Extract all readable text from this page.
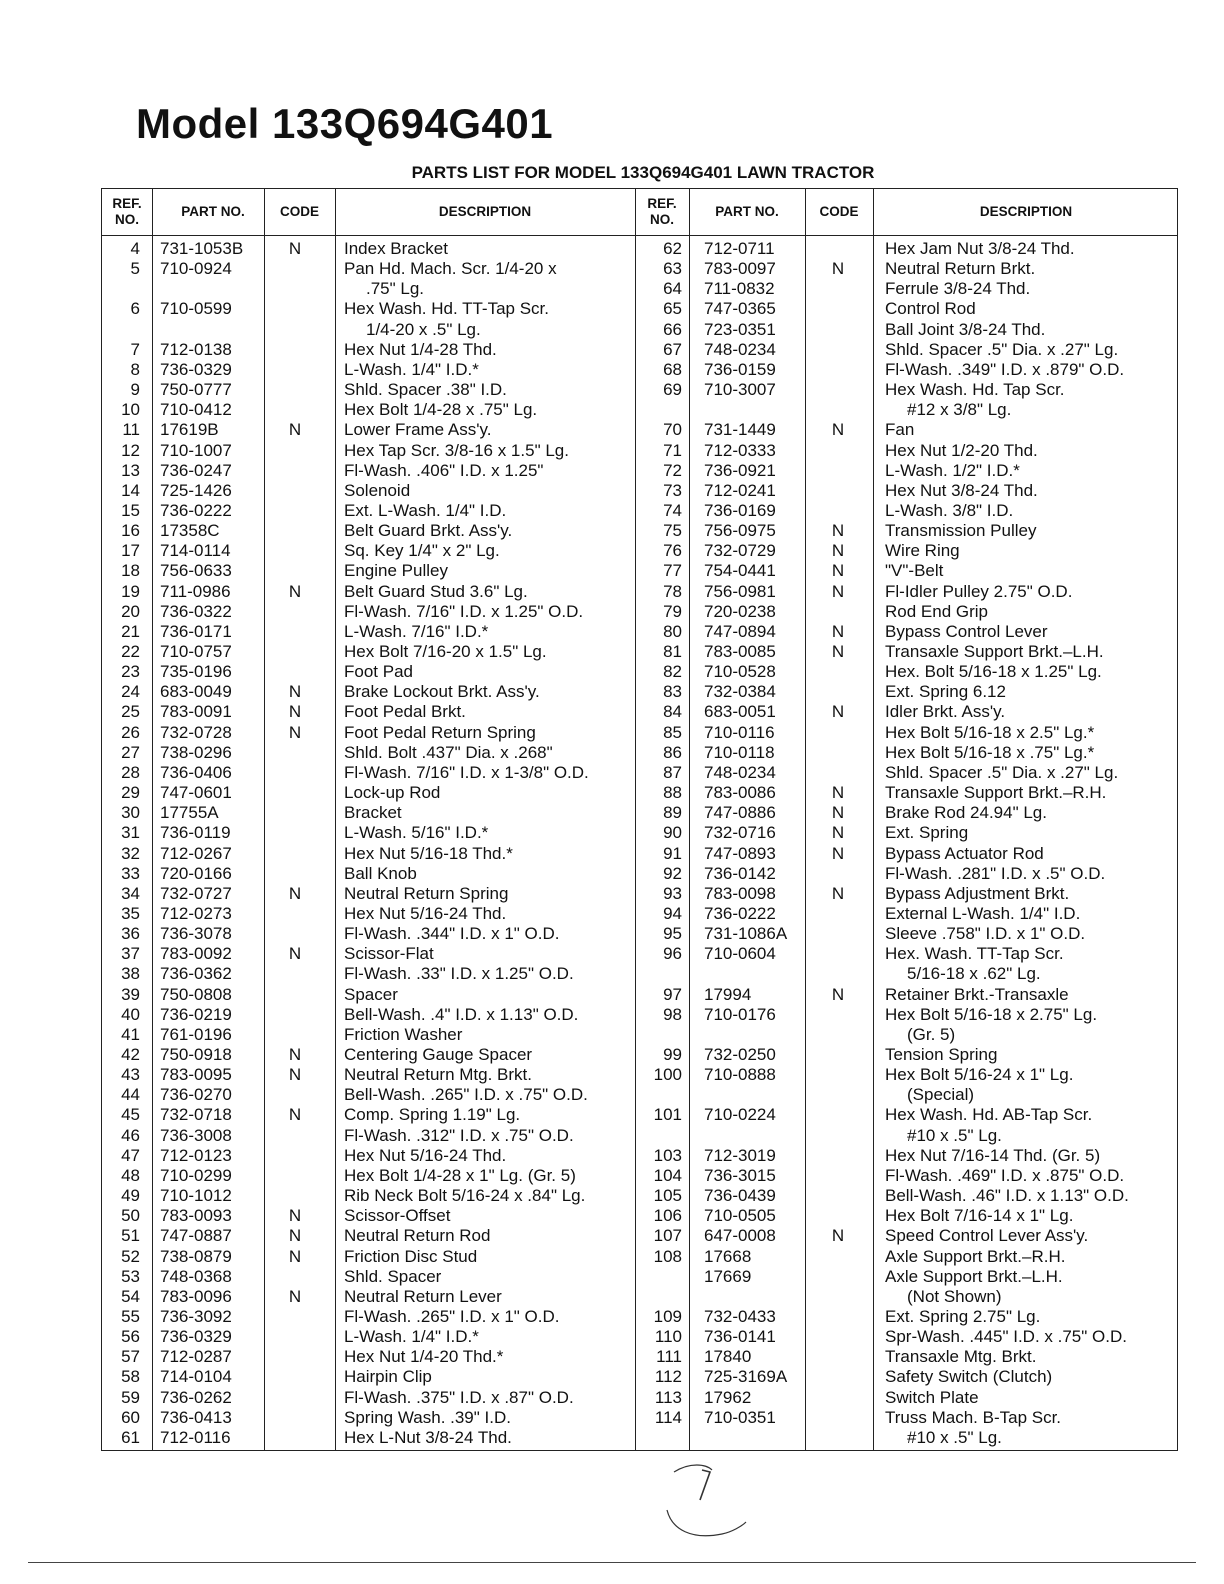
Model 133Q694G401
PARTS LIST FOR MODEL 133Q694G401 LAWN TRACTOR
REF. NO.
PART NO.	CODE	DESCRIPTION
REF. NO.
PART NO.	CODE	DESCRIPTION
4 731-1053B	N	Index Bracket
5 710-0924	Pan Hd. Mach. Scr. 1/4-20 x
.75" Lg.
6 710-0599	Hex Wash. Hd. TT-Tap Scr.
1/4-20 x .5" Lg.
7 712-0138	Hex Nut 1/4-28 Thd.
8 736-0329	L-Wash. 1/4" I.D.*
9 750-0777	Shld. Spacer .38" I.D.
10 710-0412	Hex Bolt 1/4-28 x .75" Lg.
11 17619B	N	Lower Frame Ass'y.
12 710-1007	Hex Tap Scr. 3/8-16 x 1.5" Lg.
13 736-0247	Fl-Wash. .406" I.D. x 1.25"
14 725-1426	Solenoid
15 736-0222	Ext. L-Wash. 1/4" I.D.
16 17358C	Belt Guard Brkt. Ass'y.
17 714-0114	Sq. Key 1/4" x 2" Lg.
18 756-0633	Engine Pulley
19 711-0986	N	Belt Guard Stud 3.6" Lg.
20 736-0322	Fl-Wash. 7/16" I.D. x 1.25" O.D.
21 736-0171	L-Wash. 7/16" I.D.*
22 710-0757	Hex Bolt 7/16-20 x 1.5" Lg.
23 735-0196	Foot Pad
24 683-0049	N	Brake Lockout Brkt. Ass'y.
25 783-0091	N	Foot Pedal Brkt.
26 732-0728	N	Foot Pedal Return Spring
27 738-0296	Shld. Bolt .437" Dia. x .268"
28 736-0406	Fl-Wash. 7/16" I.D. x 1-3/8" O.D.
29 747-0601	Lock-up Rod
30 17755A	Bracket
31 736-0119	L-Wash. 5/16" I.D.*
32 712-0267	Hex Nut 5/16-18 Thd.*
33 720-0166	Ball Knob
34 732-0727	N	Neutral Return Spring
35 712-0273	Hex Nut 5/16-24 Thd.
36 736-3078	Fl-Wash. .344" I.D. x 1" O.D.
37 783-0092	N	Scissor-Flat
38 736-0362	Fl-Wash. .33" I.D. x 1.25" O.D.
39 750-0808	Spacer
40 736-0219	Bell-Wash. .4" I.D. x 1.13" O.D.
41 761-0196	Friction Washer
42 750-0918	N	Centering Gauge Spacer
43 783-0095	N	Neutral Return Mtg. Brkt.
44 736-0270	Bell-Wash. .265" I.D. x .75" O.D.
45 732-0718	N	Comp. Spring 1.19" Lg.
46 736-3008	Fl-Wash. .312" I.D. x .75" O.D.
47 712-0123	Hex Nut 5/16-24 Thd.
48 710-0299	Hex Bolt 1/4-28 x 1" Lg. (Gr. 5)
49 710-1012	Rib Neck Bolt 5/16-24 x .84" Lg.
50 783-0093	N	Scissor-Offset
51 747-0887	N	Neutral Return Rod
52 738-0879	N	Friction Disc Stud
53 748-0368	Shld. Spacer
54 783-0096	N	Neutral Return Lever
55 736-3092	Fl-Wash. .265" I.D. x 1" O.D.
56 736-0329	L-Wash. 1/4" I.D.*
57 712-0287	Hex Nut 1/4-20 Thd.*
58 714-0104	Hairpin Clip
59 736-0262	Fl-Wash. .375" I.D. x .87" O.D.
60 736-0413	Spring Wash. .39" I.D.
61 712-0116	Hex L-Nut 3/8-24 Thd.
62 712-0711	Hex Jam Nut 3/8-24 Thd.
63 783-0097	N	Neutral Return Brkt.
64 711-0832	Ferrule 3/8-24 Thd.
65 747-0365	Control Rod
66 723-0351	Ball Joint 3/8-24 Thd.
67 748-0234	Shld. Spacer .5" Dia. x .27" Lg.
68 736-0159	Fl-Wash. .349" I.D. x .879" O.D.
69 710-3007	Hex Wash. Hd. Tap Scr.
#12 x 3/8" Lg.
70 731-1449	N	Fan
71 712-0333	Hex Nut 1/2-20 Thd.
72 736-0921	L-Wash. 1/2" I.D.*
73 712-0241	Hex Nut 3/8-24 Thd.
74 736-0169	L-Wash. 3/8" I.D.
75 756-0975	N	Transmission Pulley
76 732-0729	N	Wire Ring
77 754-0441	N	"V"-Belt
78 756-0981	N	Fl-Idler Pulley 2.75" O.D.
79 720-0238	Rod End Grip
80 747-0894	N	Bypass Control Lever
81 783-0085	N	Transaxle Support Brkt.–L.H.
82 710-0528	Hex. Bolt 5/16-18 x 1.25" Lg.
83 732-0384	Ext. Spring 6.12
84 683-0051	N	Idler Brkt. Ass'y.
85 710-0116	Hex Bolt 5/16-18 x 2.5" Lg.*
86 710-0118	Hex Bolt 5/16-18 x .75" Lg.*
87 748-0234	Shld. Spacer .5" Dia. x .27" Lg.
88 783-0086	N	Transaxle Support Brkt.–R.H.
89 747-0886	N	Brake Rod 24.94" Lg.
90 732-0716	N	Ext. Spring
91 747-0893	N	Bypass Actuator Rod
92 736-0142	Fl-Wash. .281" I.D. x .5" O.D.
93 783-0098	N	Bypass Adjustment Brkt.
94 736-0222	External L-Wash. 1/4" I.D.
95 731-1086A	Sleeve .758" I.D. x 1" O.D.
96 710-0604	Hex. Wash. TT-Tap Scr.
5/16-18 x .62" Lg.
97 17994	N	Retainer Brkt.-Transaxle
98 710-0176	Hex Bolt 5/16-18 x 2.75" Lg.
(Gr. 5)
99 732-0250	Tension Spring
100 710-0888	Hex Bolt 5/16-24 x 1" Lg.
(Special)
101 710-0224	Hex Wash. Hd. AB-Tap Scr.
#10 x .5" Lg.
103 712-3019	Hex Nut 7/16-14 Thd. (Gr. 5)
104 736-3015	Fl-Wash. .469" I.D. x .875" O.D.
105 736-0439	Bell-Wash. .46" I.D. x 1.13" O.D.
106 710-0505	Hex Bolt 7/16-14 x 1" Lg.
107 647-0008	N	Speed Control Lever Ass'y.
108 17668	Axle Support Brkt.–R.H.
17669	Axle Support Brkt.–L.H.
(Not Shown)
109 732-0433	Ext. Spring 2.75" Lg.
110 736-0141	Spr-Wash. .445" I.D. x .75" O.D.
111 17840	Transaxle Mtg. Brkt.
112 725-3169A	Safety Switch (Clutch)
113 17962	Switch Plate
114 710-0351	Truss Mach. B-Tap Scr.
#10 x .5" Lg.
